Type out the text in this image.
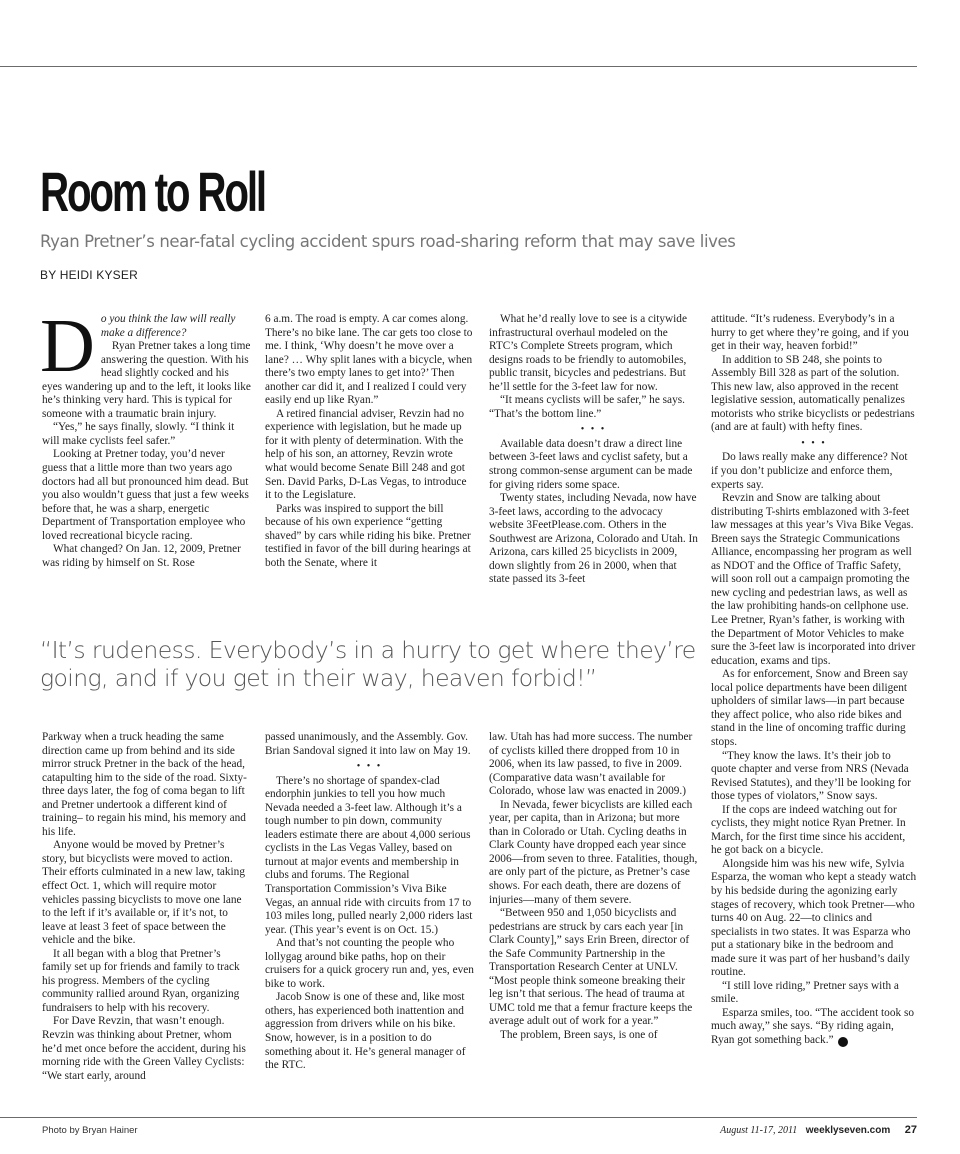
Room to Roll
Ryan Pretner’s near-fatal cycling accident spurs road-sharing reform that may save lives
BY HEIDI KYSER
D o you think the law will really make a difference?

Ryan Pretner takes a long time answering the question. With his head slightly cocked and his eyes wandering up and to the left, it looks like he’s thinking very hard. This is typical for someone with a traumatic brain injury.

“Yes,” he says finally, slowly. “I think it will make cyclists feel safer.”

Looking at Pretner today, you’d never guess that a little more than two years ago doctors had all but pronounced him dead. But you also wouldn’t guess that just a few weeks before that, he was a sharp, energetic Department of Transportation employee who loved recreational bicycle racing.

What changed? On Jan. 12, 2009, Pretner was riding by himself on St. Rose

6 a.m. The road is empty. A car comes along. There’s no bike lane. The car gets too close to me. I think, ‘Why doesn’t he move over a lane? … Why split lanes with a bicycle, when there’s two empty lanes to get into?’ Then another car did it, and I realized I could very easily end up like Ryan.”

A retired financial adviser, Revzin had no experience with legislation, but he made up for it with plenty of determination. With the help of his son, an attorney, Revzin wrote what would become Senate Bill 248 and got Sen. David Parks, D-Las Vegas, to introduce it to the Legislature.

Parks was inspired to support the bill because of his own experience “getting shaved” by cars while riding his bike. Pretner testified in favor of the bill during hearings at both the Senate, where it

What he’d really love to see is a citywide infrastructural overhaul modeled on the RTC’s Complete Streets program, which designs roads to be friendly to automobiles, public transit, bicycles and pedestrians. But he’ll settle for the 3-feet law for now.

“It means cyclists will be safer,” he says. “That’s the bottom line.”

• • •

Available data doesn’t draw a direct line between 3-feet laws and cyclist safety, but a strong common-sense argument can be made for giving riders some space.

Twenty states, including Nevada, now have 3-feet laws, according to the advocacy website 3FeetPlease.com. Others in the Southwest are Arizona, Colorado and Utah. In Arizona, cars killed 25 bicyclists in 2009, down slightly from 26 in 2000, when that state passed its 3-feet

attitude. “It’s rudeness. Everybody’s in a hurry to get where they’re going, and if you get in their way, heaven forbid!”

In addition to SB 248, she points to Assembly Bill 328 as part of the solution. This new law, also approved in the recent legislative session, automatically penalizes motorists who strike bicyclists or pedestrians (and are at fault) with hefty fines.

• • •

Do laws really make any difference? Not if you don’t publicize and enforce them, experts say.

Revzin and Snow are talking about distributing T-shirts emblazoned with 3-feet law messages at this year’s Viva Bike Vegas. Breen says the Strategic Communications Alliance, encompassing her program as well as NDOT and the Office of Traffic Safety, will soon roll out a campaign promoting the new cycling and pedestrian laws, as well as the law prohibiting hands-on cellphone use. Lee Pretner, Ryan’s father, is working with the Department of Motor Vehicles to make sure the 3-feet law is incorporated into driver education, exams and tips.

As for enforcement, Snow and Breen say local police departments have been diligent upholders of similar laws—in part because they affect police, who also ride bikes and stand in the line of oncoming traffic during stops.

“They know the laws. It’s their job to quote chapter and verse from NRS (Nevada Revised Statutes), and they’ll be looking for those types of violators,” Snow says.

If the cops are indeed watching out for cyclists, they might notice Ryan Pretner. In March, for the first time since his accident, he got back on a bicycle.

Alongside him was his new wife, Sylvia Esparza, the woman who kept a steady watch by his bedside during the agonizing early stages of recovery, which took Pretner—who turns 40 on Aug. 22—to clinics and specialists in two states. It was Esparza who put a stationary bike in the bedroom and made sure it was part of her husband’s daily routine.

“I still love riding,” Pretner says with a smile.

Esparza smiles, too. “The accident took so much away,” she says. “By riding again, Ryan got something back.” 7

“It’s rudeness. Everybody’s in a hurry to get where they’re going, and if you get in their way, heaven forbid!”

Parkway when a truck heading the same direction came up from behind and its side mirror struck Pretner in the back of the head, catapulting him to the side of the road. Sixty-three days later, the fog of coma began to lift and Pretner undertook a different kind of training– to regain his mind, his memory and his life.

Anyone would be moved by Pretner’s story, but bicyclists were moved to action. Their efforts culminated in a new law, taking effect Oct. 1, which will require motor vehicles passing bicyclists to move one lane to the left if it’s available or, if it’s not, to leave at least 3 feet of space between the vehicle and the bike.

It all began with a blog that Pretner’s family set up for friends and family to track his progress. Members of the cycling community rallied around Ryan, organizing fundraisers to help with his recovery.

For Dave Revzin, that wasn’t enough. Revzin was thinking about Pretner, whom he’d met once before the accident, during his morning ride with the Green Valley Cyclists: “We start early, around

passed unanimously, and the Assembly. Gov. Brian Sandoval signed it into law on May 19.

• • •

There’s no shortage of spandex-clad endorphin junkies to tell you how much Nevada needed a 3-feet law. Although it’s a tough number to pin down, community leaders estimate there are about 4,000 serious cyclists in the Las Vegas Valley, based on turnout at major events and membership in clubs and forums. The Regional Transportation Commission’s Viva Bike Vegas, an annual ride with circuits from 17 to 103 miles long, pulled nearly 2,000 riders last year. (This year’s event is on Oct. 15.)

And that’s not counting the people who lollygag around bike paths, hop on their cruisers for a quick grocery run and, yes, even bike to work.

Jacob Snow is one of these and, like most others, has experienced both inattention and aggression from drivers while on his bike. Snow, however, is in a position to do something about it. He’s general manager of the RTC.

law. Utah has had more success. The number of cyclists killed there dropped from 10 in 2006, when its law passed, to five in 2009. (Comparative data wasn’t available for Colorado, whose law was enacted in 2009.)

In Nevada, fewer bicyclists are killed each year, per capita, than in Arizona; but more than in Colorado or Utah. Cycling deaths in Clark County have dropped each year since 2006—from seven to three. Fatalities, though, are only part of the picture, as Pretner’s case shows. For each death, there are dozens of injuries—many of them severe.

“Between 950 and 1,050 bicyclists and pedestrians are struck by cars each year [in Clark County],” says Erin Breen, director of the Safe Community Partnership in the Transportation Research Center at UNLV. “Most people think someone breaking their leg isn’t that serious. The head of trauma at UMC told me that a femur fracture keeps the average adult out of work for a year.”

The problem, Breen says, is one of

Photo by Bryan Hainer	August 11-17, 2011 weeklyseven.com 27
